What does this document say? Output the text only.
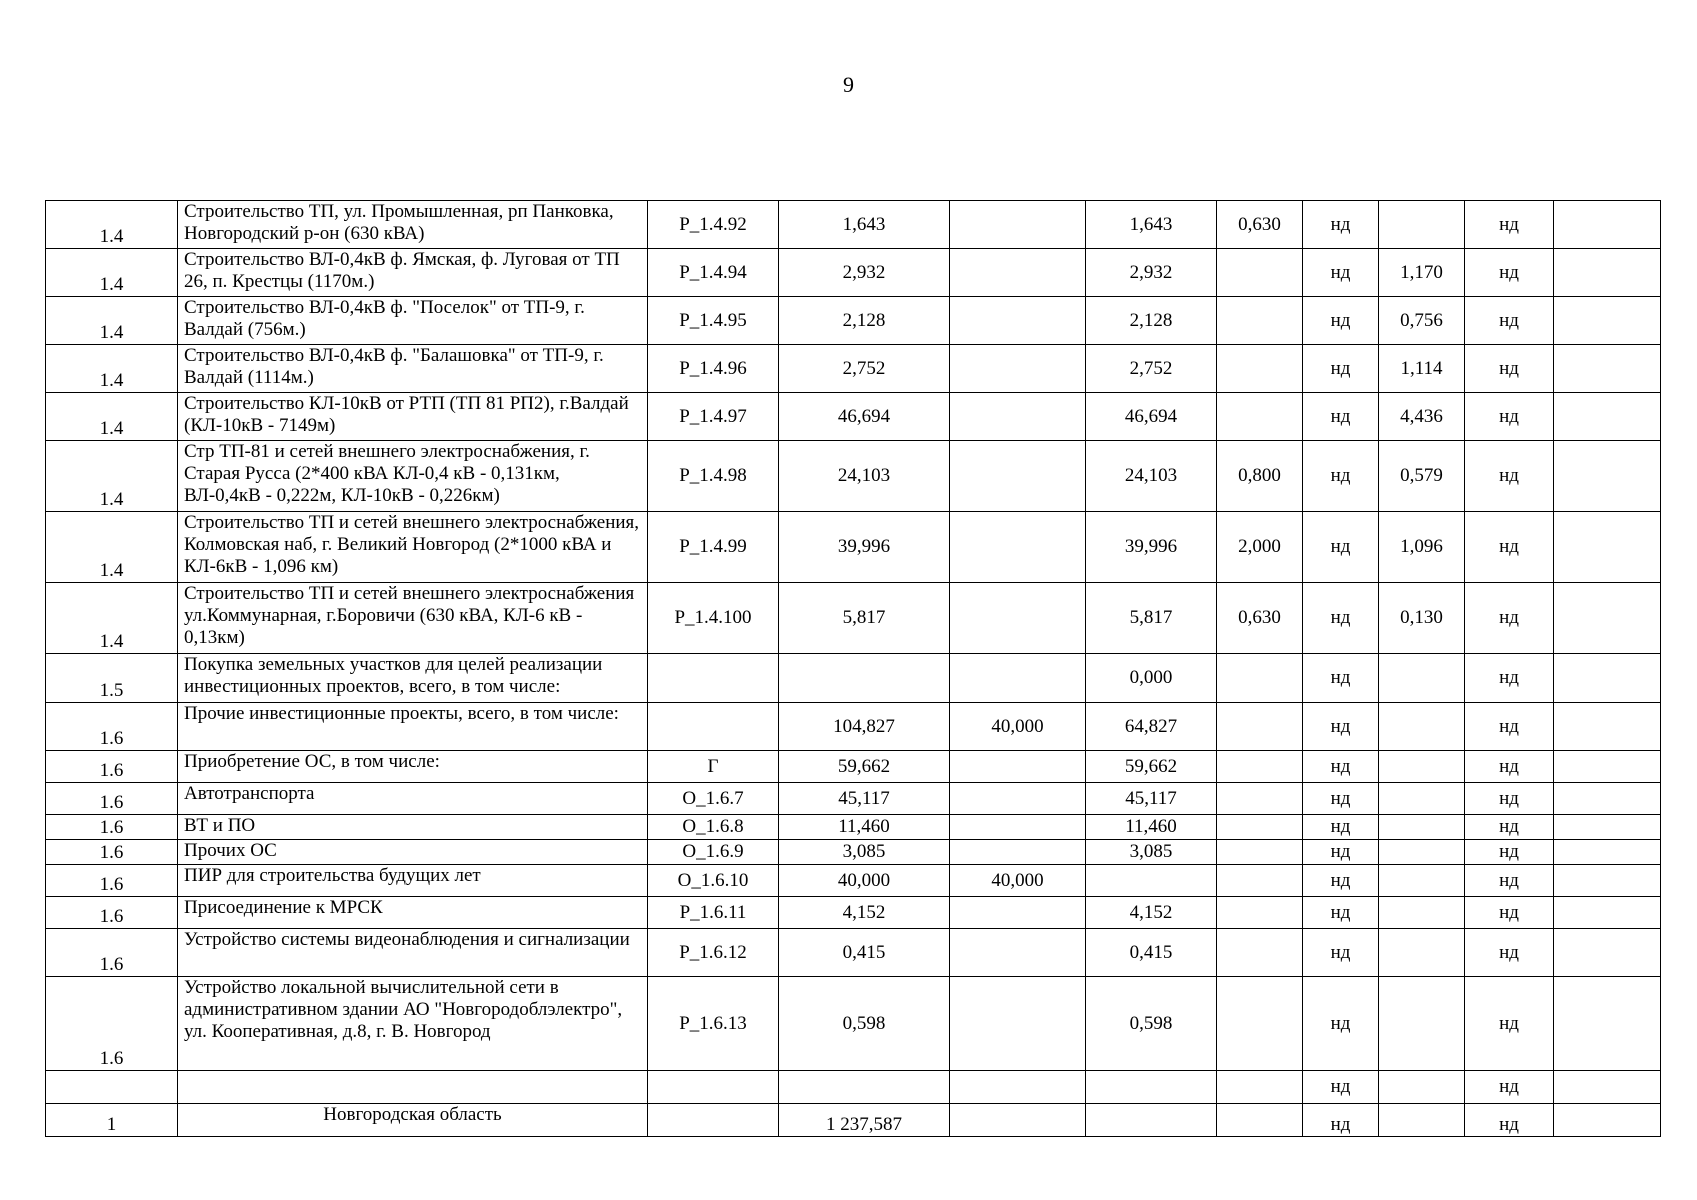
9
1.4	Строительство ТП, ул. Промышленная, рп Панковка, Новгородский р-он (630 кВА)	P_1.4.92	1,643		1,643	0,630	нд		нд	
1.4	Строительство ВЛ-0,4кВ ф. Ямская, ф. Луговая от ТП 26, п. Крестцы (1170м.)	P_1.4.94	2,932		2,932		нд	1,170	нд	
1.4	Строительство ВЛ-0,4кВ ф. "Поселок" от ТП-9, г. Валдай (756м.)	P_1.4.95	2,128		2,128		нд	0,756	нд	
1.4	Строительство ВЛ-0,4кВ ф. "Балашовка" от ТП-9, г. Валдай (1114м.)	P_1.4.96	2,752		2,752		нд	1,114	нд	
1.4	Строительство КЛ-10кВ от РТП (ТП 81 РП2), г.Валдай (КЛ-10кВ - 7149м)	P_1.4.97	46,694		46,694		нд	4,436	нд	
1.4	Стр ТП-81 и сетей внешнего электроснабжения, г. Старая Русса (2*400 кВА КЛ-0,4 кВ - 0,131км, ВЛ-0,4кВ - 0,222м, КЛ-10кВ - 0,226км)	P_1.4.98	24,103		24,103	0,800	нд	0,579	нд	
1.4	Строительство ТП и сетей внешнего электроснабжения, Колмовская наб, г. Великий Новгород (2*1000 кВА и КЛ-6кВ - 1,096 км)	P_1.4.99	39,996		39,996	2,000	нд	1,096	нд	
1.4	Строительство ТП и сетей внешнего электроснабжения ул.Коммунарная, г.Боровичи (630 кВА, КЛ-6 кВ - 0,13км)	P_1.4.100	5,817		5,817	0,630	нд	0,130	нд	
1.5	Покупка земельных участков для целей реализации инвестиционных проектов, всего, в том числе:				0,000		нд		нд	
1.6	Прочие инвестиционные проекты, всего, в том числе:		104,827	40,000	64,827		нд		нд	
1.6	Приобретение ОС, в том числе:	Г	59,662		59,662		нд		нд	
1.6	Автотранспорта	O_1.6.7	45,117		45,117		нд		нд	
1.6	ВТ и ПО	O_1.6.8	11,460		11,460		нд		нд	
1.6	Прочих ОС	O_1.6.9	3,085		3,085		нд		нд	
1.6	ПИР для строительства будущих лет	O_1.6.10	40,000	40,000			нд		нд	
1.6	Присоединение к МРСК	P_1.6.11	4,152		4,152		нд		нд	
1.6	Устройство системы видеонаблюдения и сигнализации	P_1.6.12	0,415		0,415		нд		нд	
1.6	Устройство локальной вычислительной сети в административном здании АО "Новгородоблэлектро", ул. Кооперативная, д.8, г. В. Новгород	P_1.6.13	0,598		0,598		нд		нд	
							нд		нд	
1	Новгородская область		1 237,587				нд		нд	
